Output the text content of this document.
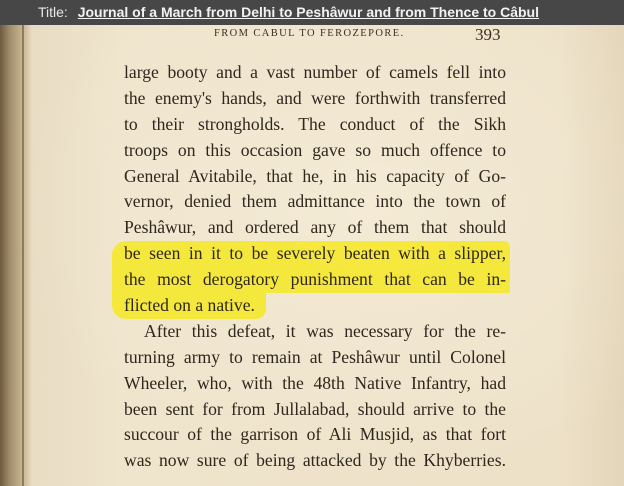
Title: Journal of a March from Delhi to Peshâwur and from Thence to Câbul
FROM CABUL TO FEROZEPORE.	393
large booty and a vast number of camels fell into
the enemy's hands, and were forthwith transferred
to their strongholds. The conduct of the Sikh
troops on this occasion gave so much offence to
General Avitabile, that he, in his capacity of Go-
vernor, denied them admittance into the town of
Peshâwur, and ordered any of them that should
be seen in it to be severely beaten with a slipper,
the most derogatory punishment that can be in-
flicted on a native.
After this defeat, it was necessary for the re-
turning army to remain at Peshâwur until Colonel
Wheeler, who, with the 48th Native Infantry, had
been sent for from Jullalabad, should arrive to the
succour of the garrison of Ali Musjid, as that fort
was now sure of being attacked by the Khyberries.
